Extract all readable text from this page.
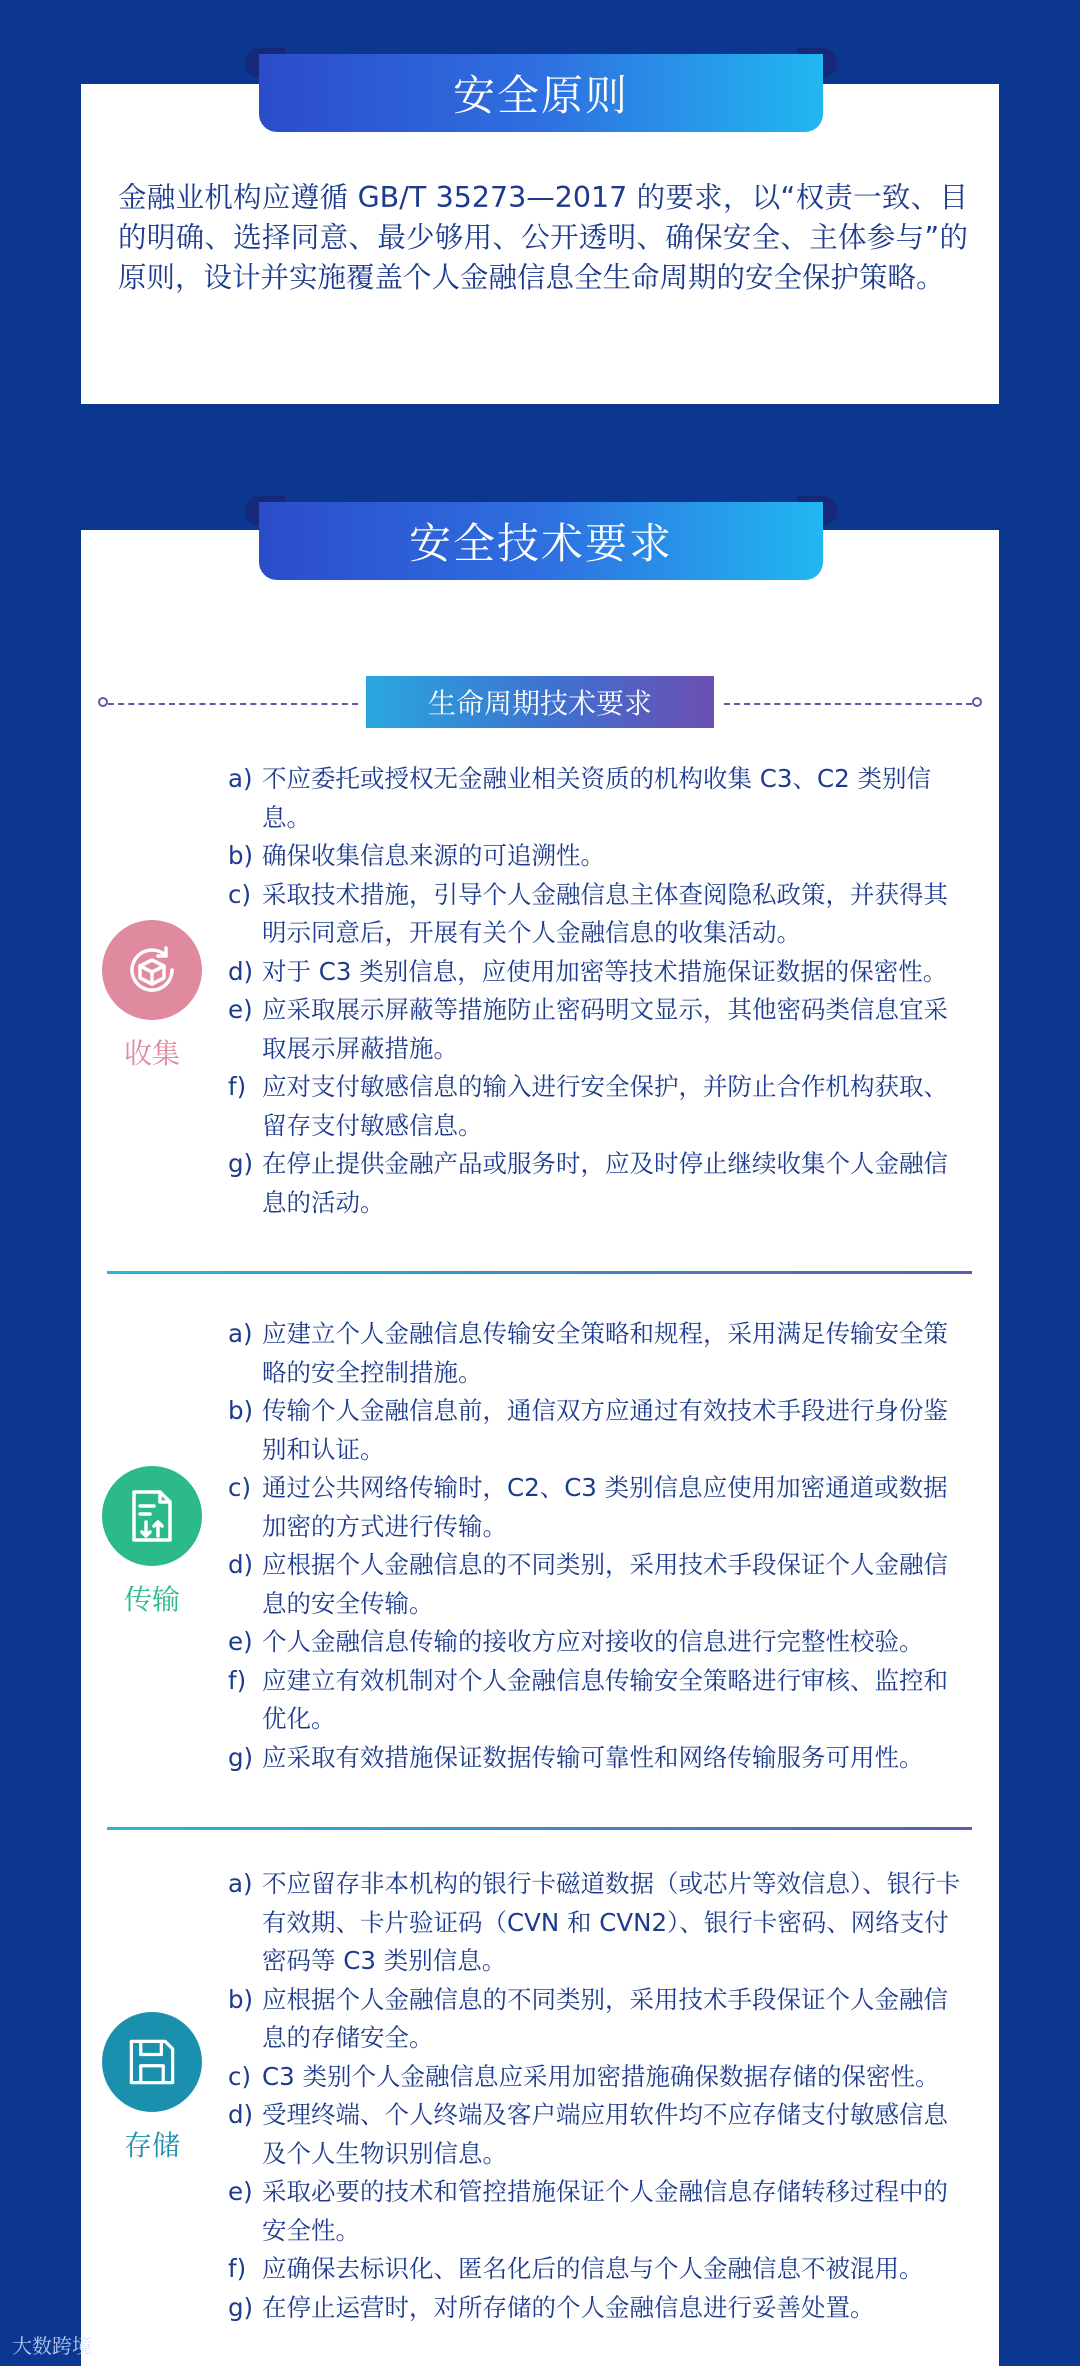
安全原则

金融业机构应遵循 GB/T 35273—2017 的要求，以“权责一致、目的明确、选择同意、最少够用、公开透明、确保安全、主体参与”的原则，设计并实施覆盖个人金融信息全生命周期的安全保护策略。

安全技术要求
生命周期技术要求
收集
a) 不应委托或授权无金融业相关资质的机构收集 C3、C2 类别信息。
b) 确保收集信息来源的可追溯性。
c) 采取技术措施，引导个人金融信息主体查阅隐私政策，并获得其明示同意后，开展有关个人金融信息的收集活动。
d) 对于 C3 类别信息，应使用加密等技术措施保证数据的保密性。
e) 应采取展示屏蔽等措施防止密码明文显示，其他密码类信息宜采取展示屏蔽措施。
f) 应对支付敏感信息的输入进行安全保护，并防止合作机构获取、留存支付敏感信息。
g) 在停止提供金融产品或服务时，应及时停止继续收集个人金融信息的活动。
传输
a) 应建立个人金融信息传输安全策略和规程，采用满足传输安全策略的安全控制措施。
b) 传输个人金融信息前，通信双方应通过有效技术手段进行身份鉴别和认证。
c) 通过公共网络传输时，C2、C3 类别信息应使用加密通道或数据加密的方式进行传输。
d) 应根据个人金融信息的不同类别，采用技术手段保证个人金融信息的安全传输。
e) 个人金融信息传输的接收方应对接收的信息进行完整性校验。
f) 应建立有效机制对个人金融信息传输安全策略进行审核、监控和优化。
g) 应采取有效措施保证数据传输可靠性和网络传输服务可用性。
存储
a) 不应留存非本机构的银行卡磁道数据（或芯片等效信息）、银行卡有效期、卡片验证码（CVN 和 CVN2）、银行卡密码、网络支付密码等 C3 类别信息。
b) 应根据个人金融信息的不同类别，采用技术手段保证个人金融信息的存储安全。
c) C3 类别个人金融信息应采用加密措施确保数据存储的保密性。
d) 受理终端、个人终端及客户端应用软件均不应存储支付敏感信息及个人生物识别信息。
e) 采取必要的技术和管控措施保证个人金融信息存储转移过程中的安全性。
f) 应确保去标识化、匿名化后的信息与个人金融信息不被混用。
g) 在停止运营时，对所存储的个人金融信息进行妥善处置。
大数跨境
